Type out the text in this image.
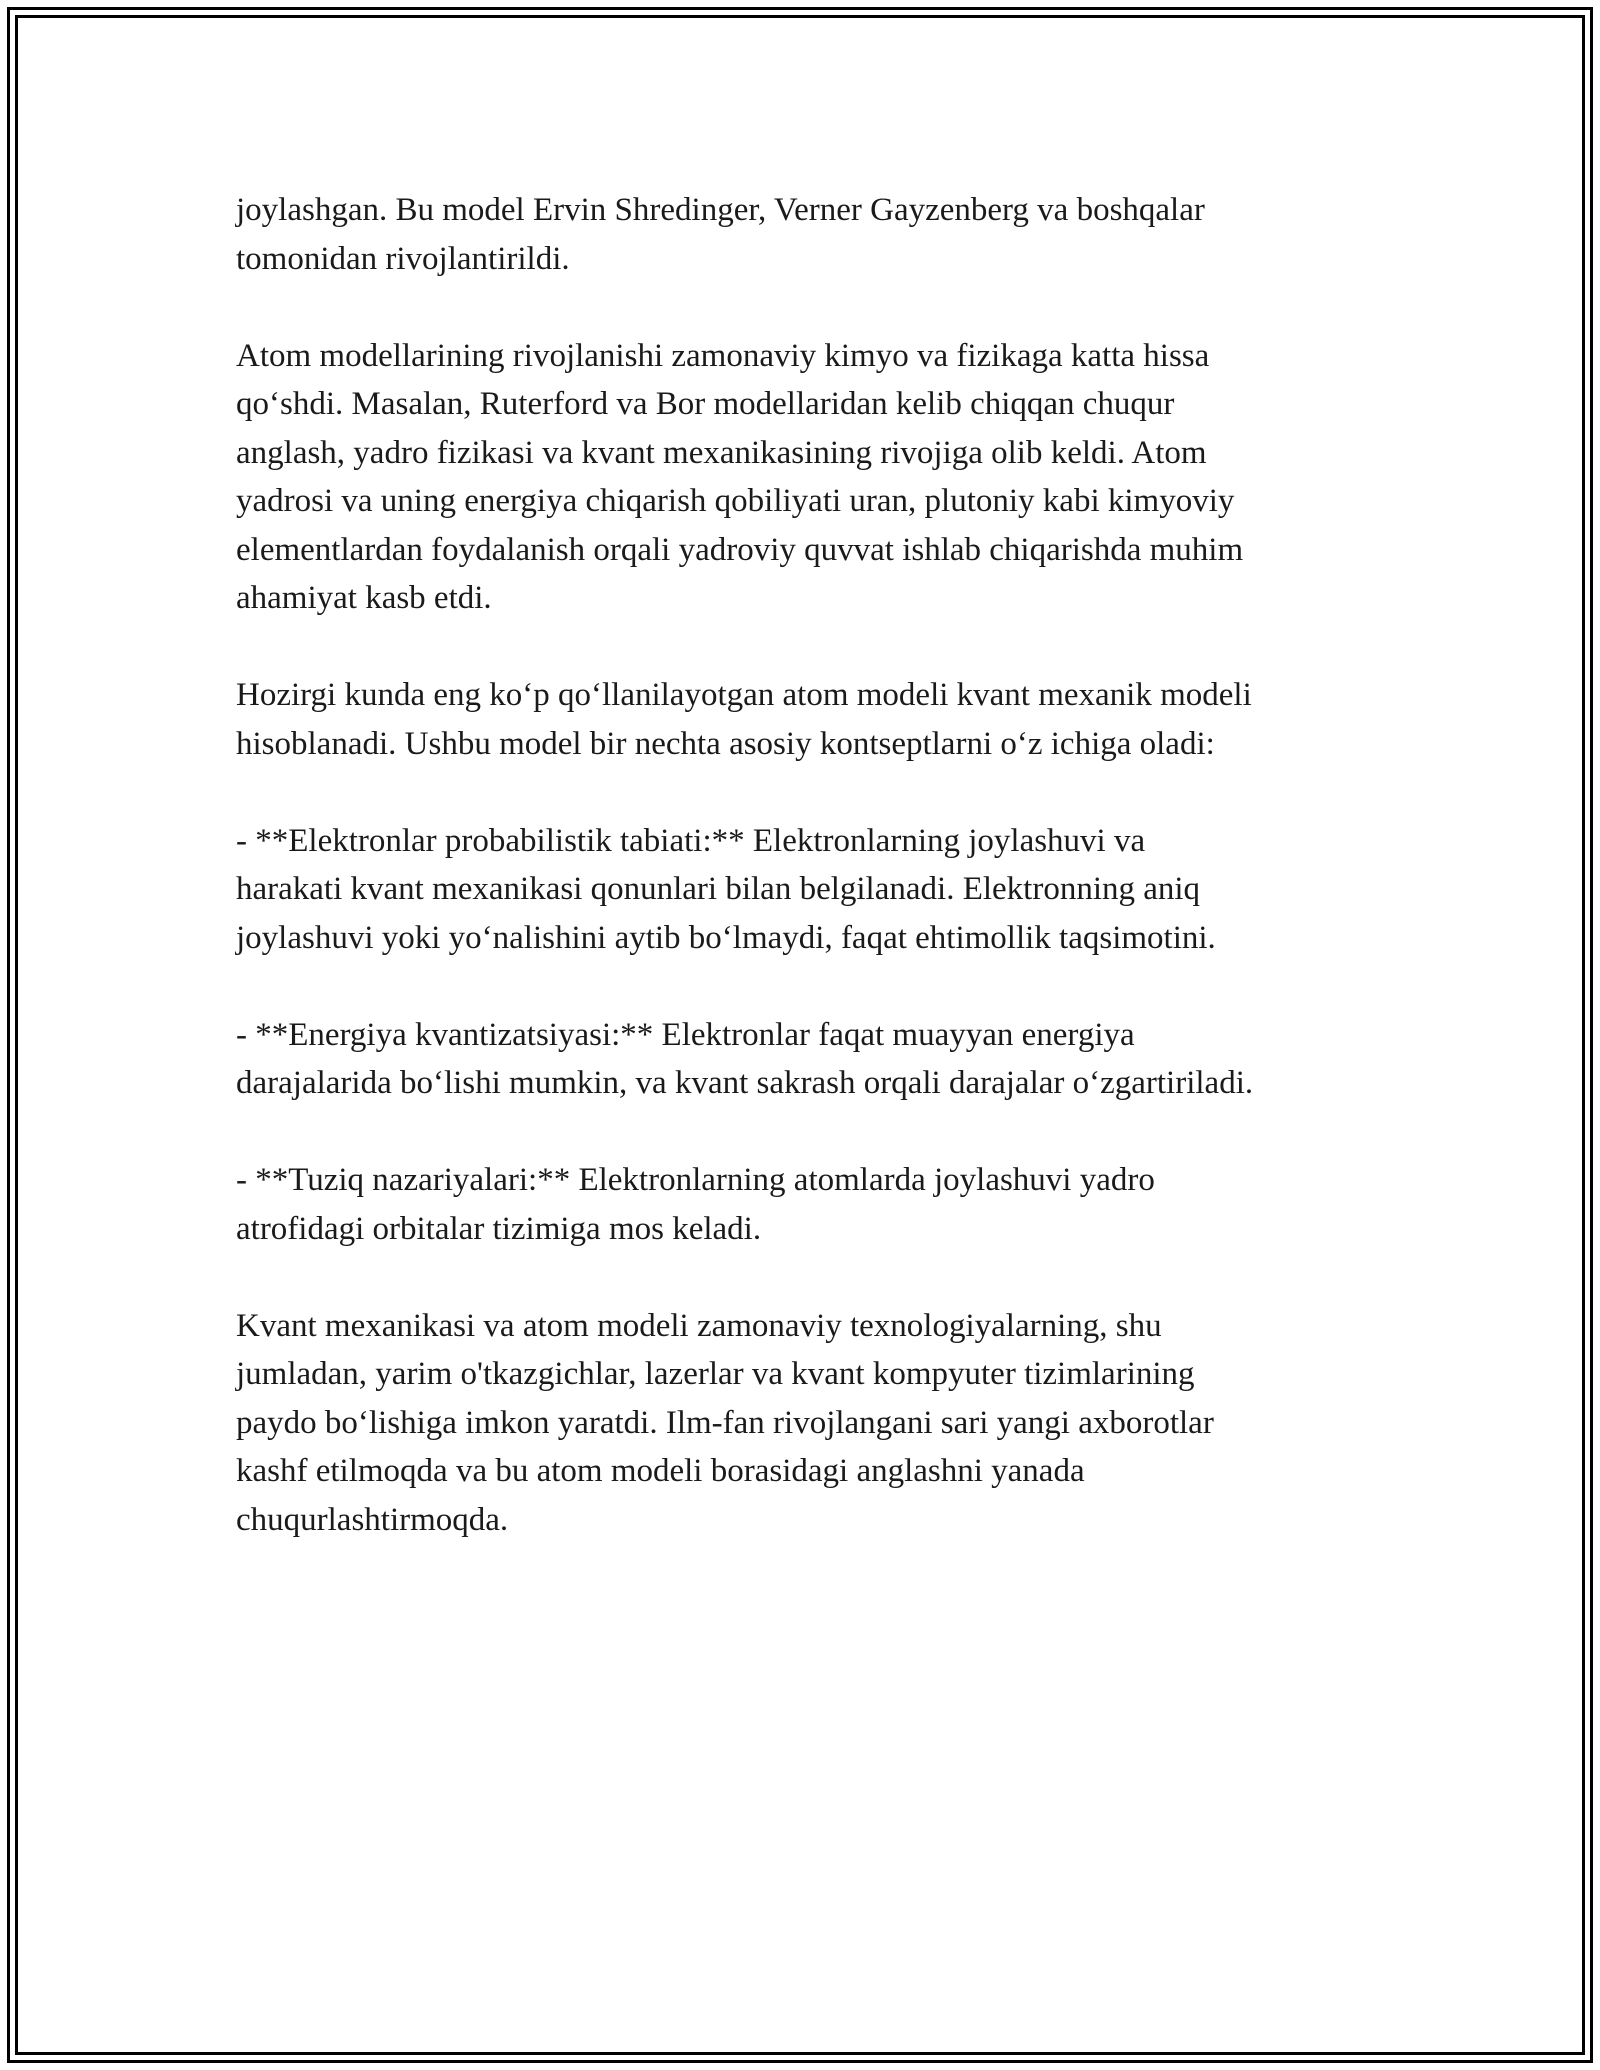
joylashgan. Bu model Ervin Shredinger, Verner Gayzenberg va boshqalar
tomonidan rivojlantirildi.

Atom modellarining rivojlanishi zamonaviy kimyo va fizikaga katta hissa
qo‘shdi. Masalan, Ruterford va Bor modellaridan kelib chiqqan chuqur
anglash, yadro fizikasi va kvant mexanikasining rivojiga olib keldi. Atom
yadrosi va uning energiya chiqarish qobiliyati uran, plutoniy kabi kimyoviy
elementlardan foydalanish orqali yadroviy quvvat ishlab chiqarishda muhim
ahamiyat kasb etdi.

Hozirgi kunda eng ko‘p qo‘llanilayotgan atom modeli kvant mexanik modeli
hisoblanadi. Ushbu model bir nechta asosiy kontseptlarni o‘z ichiga oladi:

- **Elektronlar probabilistik tabiati:** Elektronlarning joylashuvi va
harakati kvant mexanikasi qonunlari bilan belgilanadi. Elektronning aniq
joylashuvi yoki yo‘nalishini aytib bo‘lmaydi, faqat ehtimollik taqsimotini.

- **Energiya kvantizatsiyasi:** Elektronlar faqat muayyan energiya
darajalarida bo‘lishi mumkin, va kvant sakrash orqali darajalar o‘zgartiriladi.

- **Tuziq nazariyalari:** Elektronlarning atomlarda joylashuvi yadro
atrofidagi orbitalar tizimiga mos keladi.

Kvant mexanikasi va atom modeli zamonaviy texnologiyalarning, shu
jumladan, yarim o'tkazgichlar, lazerlar va kvant kompyuter tizimlarining
paydo bo‘lishiga imkon yaratdi. Ilm-fan rivojlangani sari yangi axborotlar
kashf etilmoqda va bu atom modeli borasidagi anglashni yanada
chuqurlashtirmoqda.
